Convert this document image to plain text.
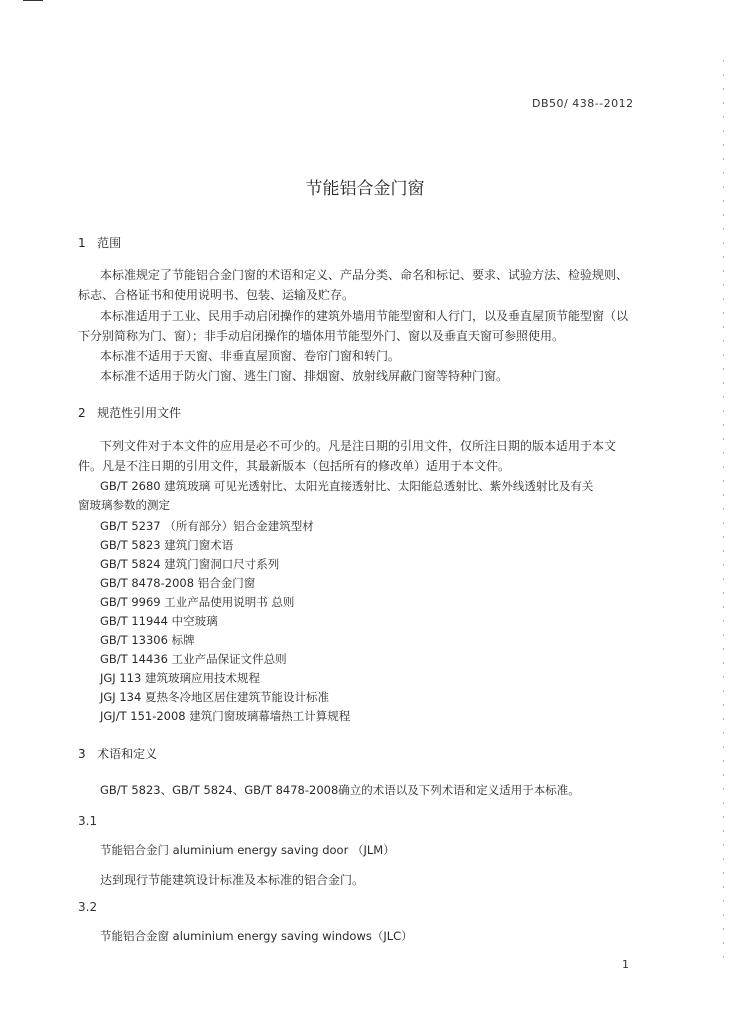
DB50/ 438--2012
节能铝合金门窗
1 范围
本标准规定了节能铝合金门窗的术语和定义、产品分类、命名和标记、要求、试验方法、检验规则、
标志、合格证书和使用说明书、包装、运输及贮存。
本标准适用于工业、民用手动启闭操作的建筑外墙用节能型窗和人行门，以及垂直屋顶节能型窗（以
下分别简称为门、窗）；非手动启闭操作的墙体用节能型外门、窗以及垂直天窗可参照使用。
本标准不适用于天窗、非垂直屋顶窗、卷帘门窗和转门。
本标准不适用于防火门窗、逃生门窗、排烟窗、放射线屏蔽门窗等特种门窗。
2 规范性引用文件
下列文件对于本文件的应用是必不可少的。凡是注日期的引用文件，仅所注日期的版本适用于本文
件。凡是不注日期的引用文件，其最新版本（包括所有的修改单）适用于本文件。
GB/T 2680 建筑玻璃 可见光透射比、太阳光直接透射比、太阳能总透射比、紫外线透射比及有关
窗玻璃参数的测定
GB/T 5237 （所有部分）铝合金建筑型材
GB/T 5823 建筑门窗术语
GB/T 5824 建筑门窗洞口尺寸系列
GB/T 8478-2008 铝合金门窗
GB/T 9969 工业产品使用说明书 总则
GB/T 11944 中空玻璃
GB/T 13306 标牌
GB/T 14436 工业产品保证文件总则
JGJ 113 建筑玻璃应用技术规程
JGJ 134 夏热冬冷地区居住建筑节能设计标准
JGJ/T 151-2008 建筑门窗玻璃幕墙热工计算规程
3 术语和定义
GB/T 5823、GB/T 5824、GB/T 8478-2008确立的术语以及下列术语和定义适用于本标准。
3.1
节能铝合金门 aluminium energy saving door （JLM）
达到现行节能建筑设计标准及本标准的铝合金门。
3.2
节能铝合金窗 aluminium energy saving windows（JLC）
1
